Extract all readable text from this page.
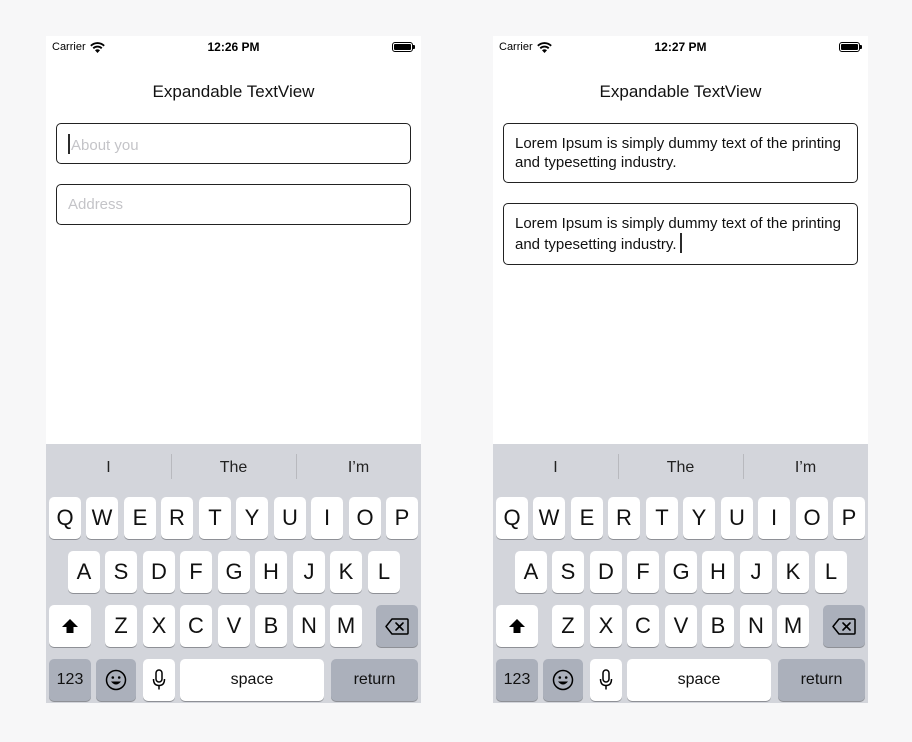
Carrier	12:26 PM
Expandable TextView
About you
Address
I	The	I’m
Q W E R	T	Y	U	I	O P
A	S	D	F	G H	J	K	L
Z	X C	V	B	N M
123	space	return
Carrier	12:27 PM
Expandable TextView
Lorem Ipsum is simply dummy text of the printing and typesetting industry.
Lorem Ipsum is simply dummy text of the printing and typesetting industry.
I	The	I’m
Q W E R	T	Y	U	I	O P
A	S	D	F	G H	J	K	L
Z	X C	V	B	N M
123	space	return
